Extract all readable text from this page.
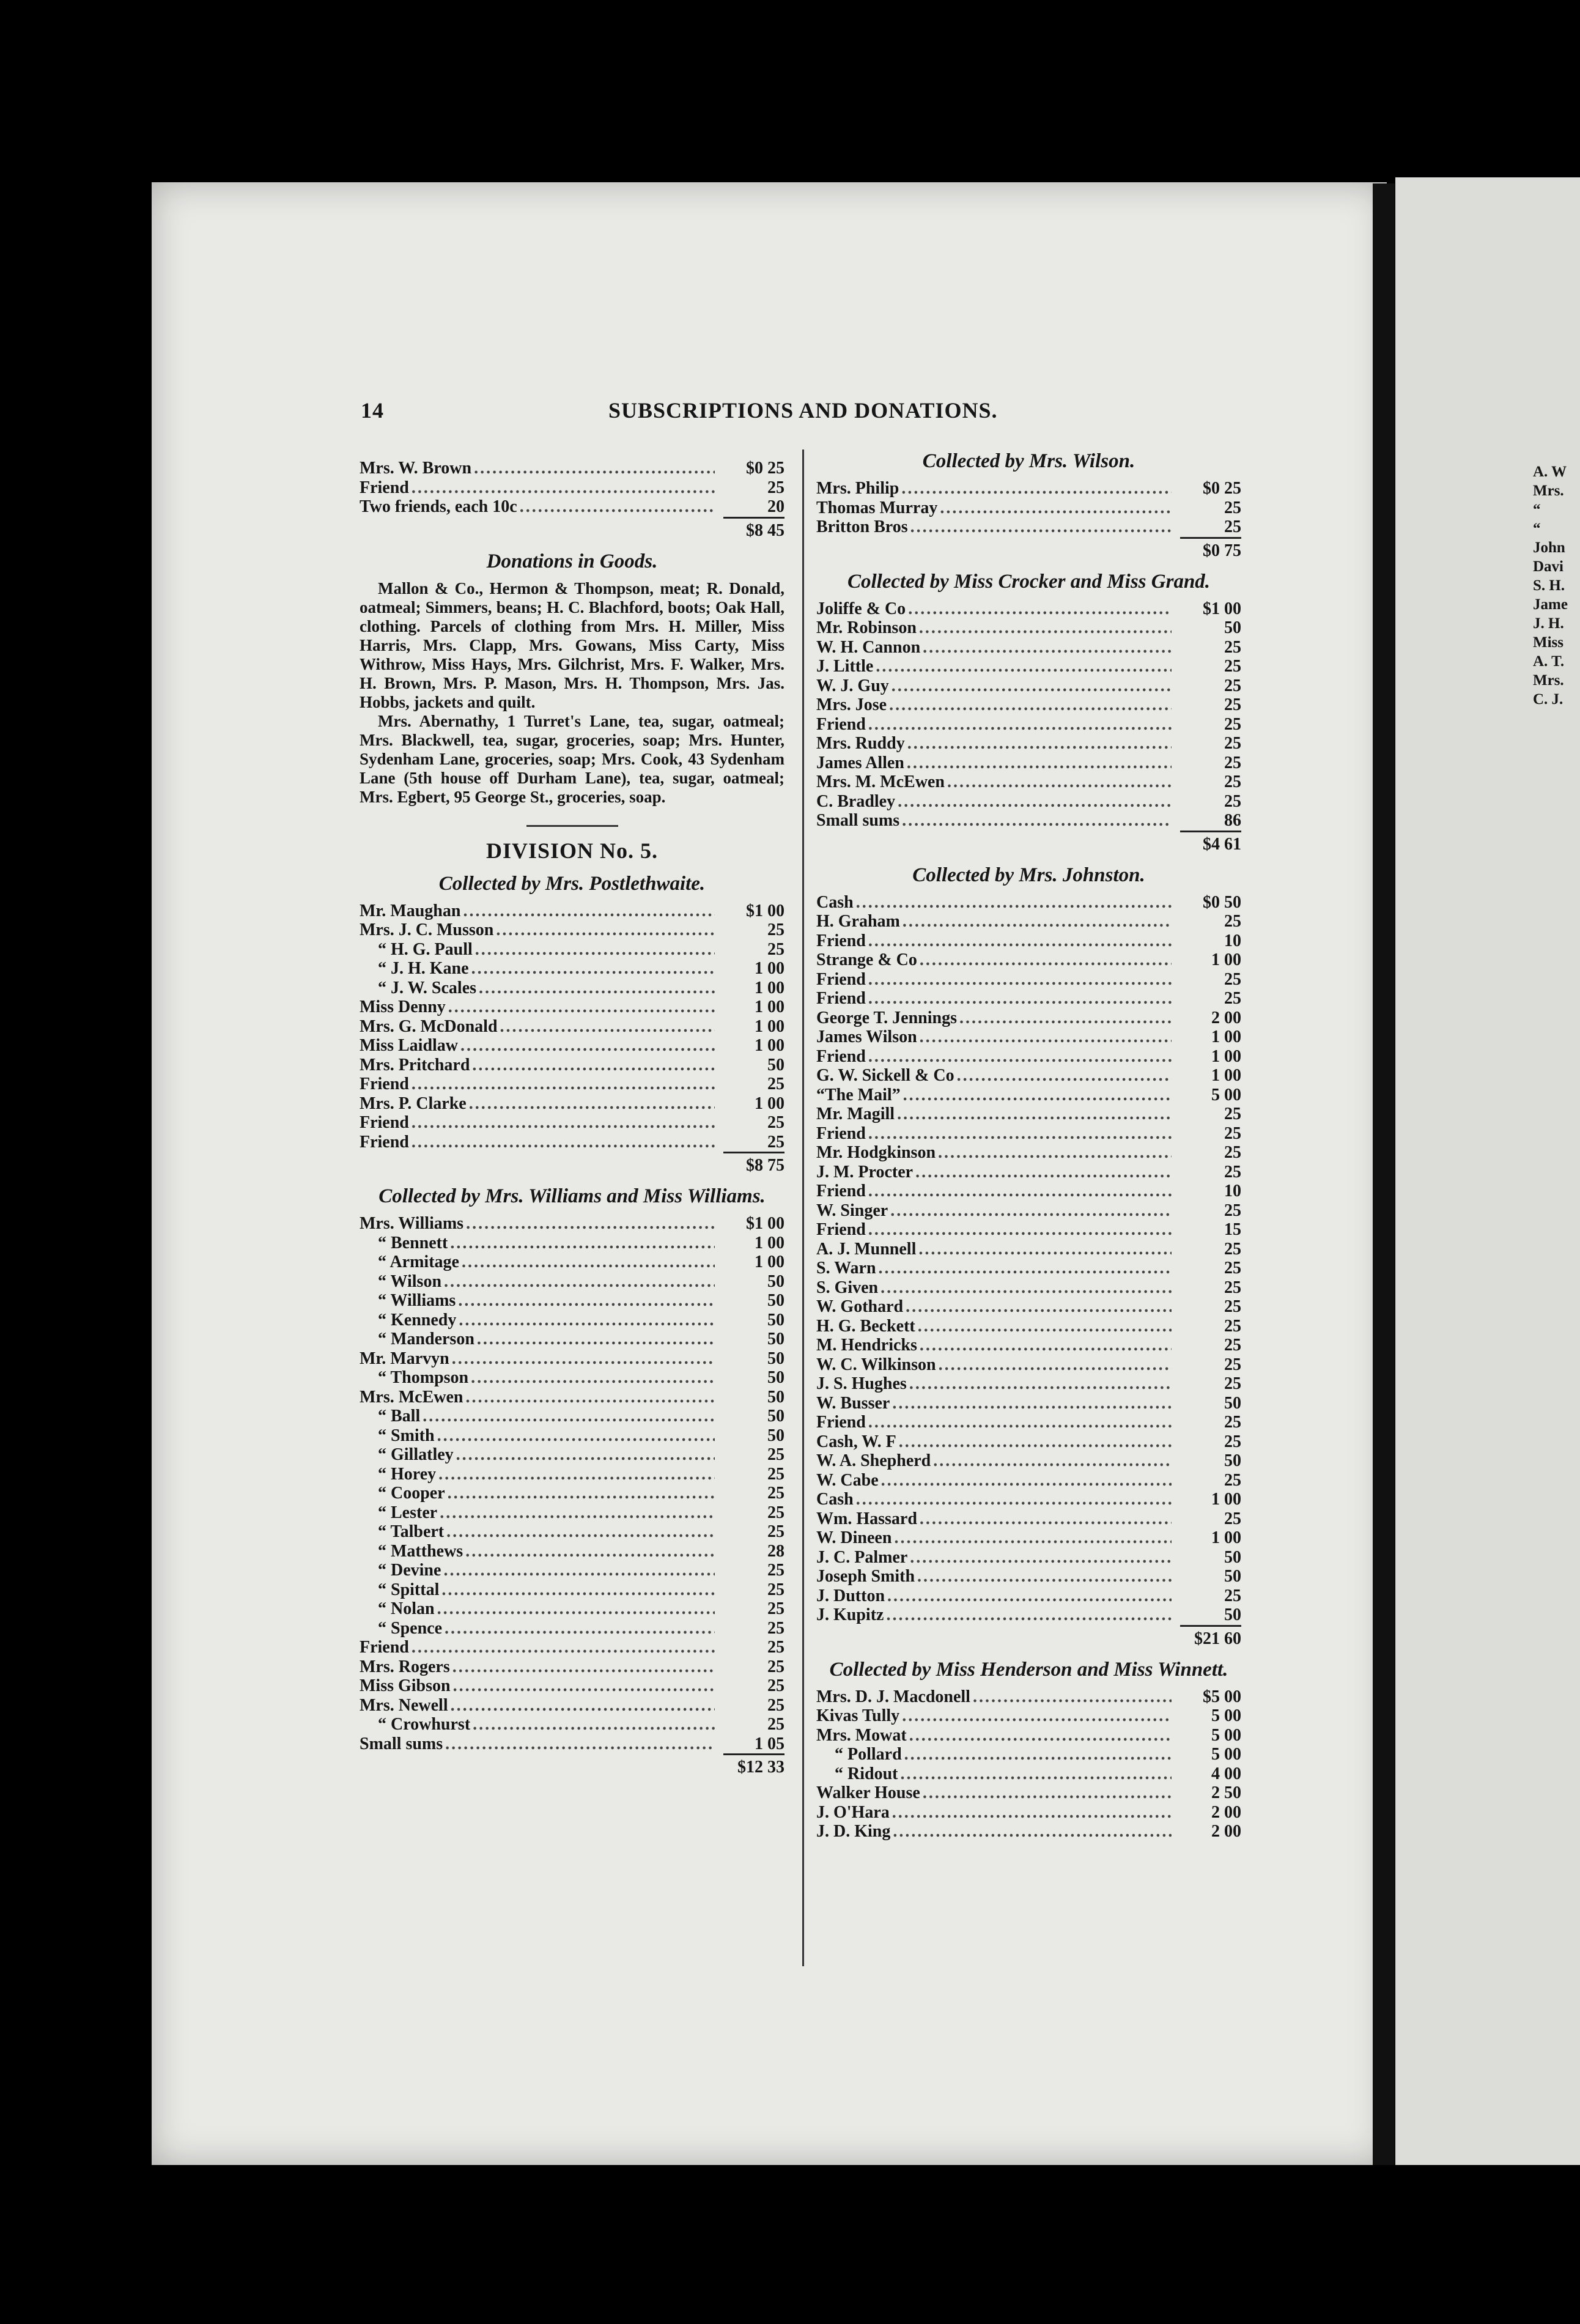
A. W
Mrs.
“
“
John
Davi
S. H.
Jame
J. H.
Miss
A. T.
Mrs.
C. J.
14	SUBSCRIPTIONS AND DONATIONS.
Mrs. W. Brown .....	$0 25
Friend .....	25
Two friends, each 10c .....	20
$8 45
Donations in Goods.

Mallon & Co., Hermon & Thompson, meat; R. Donald, oatmeal; Simmers, beans; H. C. Blachford, boots; Oak Hall, clothing. Parcels of clothing from Mrs. H. Miller, Miss Harris, Mrs. Clapp, Mrs. Gowans, Miss Carty, Miss Withrow, Miss Hays, Mrs. Gilchrist, Mrs. F. Walker, Mrs. H. Brown, Mrs. P. Mason, Mrs. H. Thompson, Mrs. Jas. Hobbs, jackets and quilt.

Mrs. Abernathy, 1 Turret's Lane, tea, sugar, oatmeal; Mrs. Blackwell, tea, sugar, groceries, soap; Mrs. Hunter, Sydenham Lane, groceries, soap; Mrs. Cook, 43 Sydenham Lane (5th house off Durham Lane), tea, sugar, oatmeal; Mrs. Egbert, 95 George St., groceries, soap.

DIVISION No. 5.
Collected by Mrs. Postlethwaite.
Mr. Maughan .....	$1 00
Mrs. J. C. Musson .....	25
“ H. G. Paull .....	25
“ J. H. Kane .....	1 00
“ J. W. Scales .....	1 00
Miss Denny .....	1 00
Mrs. G. McDonald .....	1 00
Miss Laidlaw .....	1 00
Mrs. Pritchard .....	50
Friend .....	25
Mrs. P. Clarke .....	1 00
Friend .....	25
Friend .....	25
$8 75
Collected by Mrs. Williams and Miss Williams.
Mrs. Williams .....	$1 00
“ Bennett .....	1 00
“ Armitage .....	1 00
“ Wilson .....	50
“ Williams .....	50
“ Kennedy .....	50
“ Manderson .....	50
Mr. Marvyn .....	50
“ Thompson .....	50
Mrs. McEwen .....	50
“ Ball .....	50
“ Smith .....	50
“ Gillatley .....	25
“ Horey .....	25
“ Cooper .....	25
“ Lester .....	25
“ Talbert .....	25
“ Matthews .....	28
“ Devine .....	25
“ Spittal .....	25
“ Nolan .....	25
“ Spence .....	25
Friend .....	25
Mrs. Rogers .....	25
Miss Gibson .....	25
Mrs. Newell .....	25
“ Crowhurst .....	25
Small sums .....	1 05
$12 33
Collected by Mrs. Wilson.
Mrs. Philip .....	$0 25
Thomas Murray .....	25
Britton Bros .....	25
$0 75
Collected by Miss Crocker and Miss Grand.
Joliffe & Co .....	$1 00
Mr. Robinson .....	50
W. H. Cannon .....	25
J. Little .....	25
W. J. Guy .....	25
Mrs. Jose .....	25
Friend .....	25
Mrs. Ruddy .....	25
James Allen .....	25
Mrs. M. McEwen .....	25
C. Bradley .....	25
Small sums .....	86
$4 61
Collected by Mrs. Johnston.
Cash .....	$0 50
H. Graham .....	25
Friend .....	10
Strange & Co .....	1 00
Friend .....	25
Friend .....	25
George T. Jennings .....	2 00
James Wilson .....	1 00
Friend .....	1 00
G. W. Sickell & Co .....	1 00
“The Mail” .....	5 00
Mr. Magill .....	25
Friend .....	25
Mr. Hodgkinson .....	25
J. M. Procter .....	25
Friend .....	10
W. Singer .....	25
Friend .....	15
A. J. Munnell .....	25
S. Warn .....	25
S. Given .....	25
W. Gothard .....	25
H. G. Beckett .....	25
M. Hendricks .....	25
W. C. Wilkinson .....	25
J. S. Hughes .....	25
W. Busser .....	50
Friend .....	25
Cash, W. F .....	25
W. A. Shepherd .....	50
W. Cabe .....	25
Cash .....	1 00
Wm. Hassard .....	25
W. Dineen .....	1 00
J. C. Palmer .....	50
Joseph Smith .....	50
J. Dutton .....	25
J. Kupitz .....	50
$21 60
Collected by Miss Henderson and Miss Winnett.
Mrs. D. J. Macdonell .....	$5 00
Kivas Tully .....	5 00
Mrs. Mowat .....	5 00
“ Pollard .....	5 00
“ Ridout .....	4 00
Walker House .....	2 50
J. O'Hara .....	2 00
J. D. King .....	2 00
